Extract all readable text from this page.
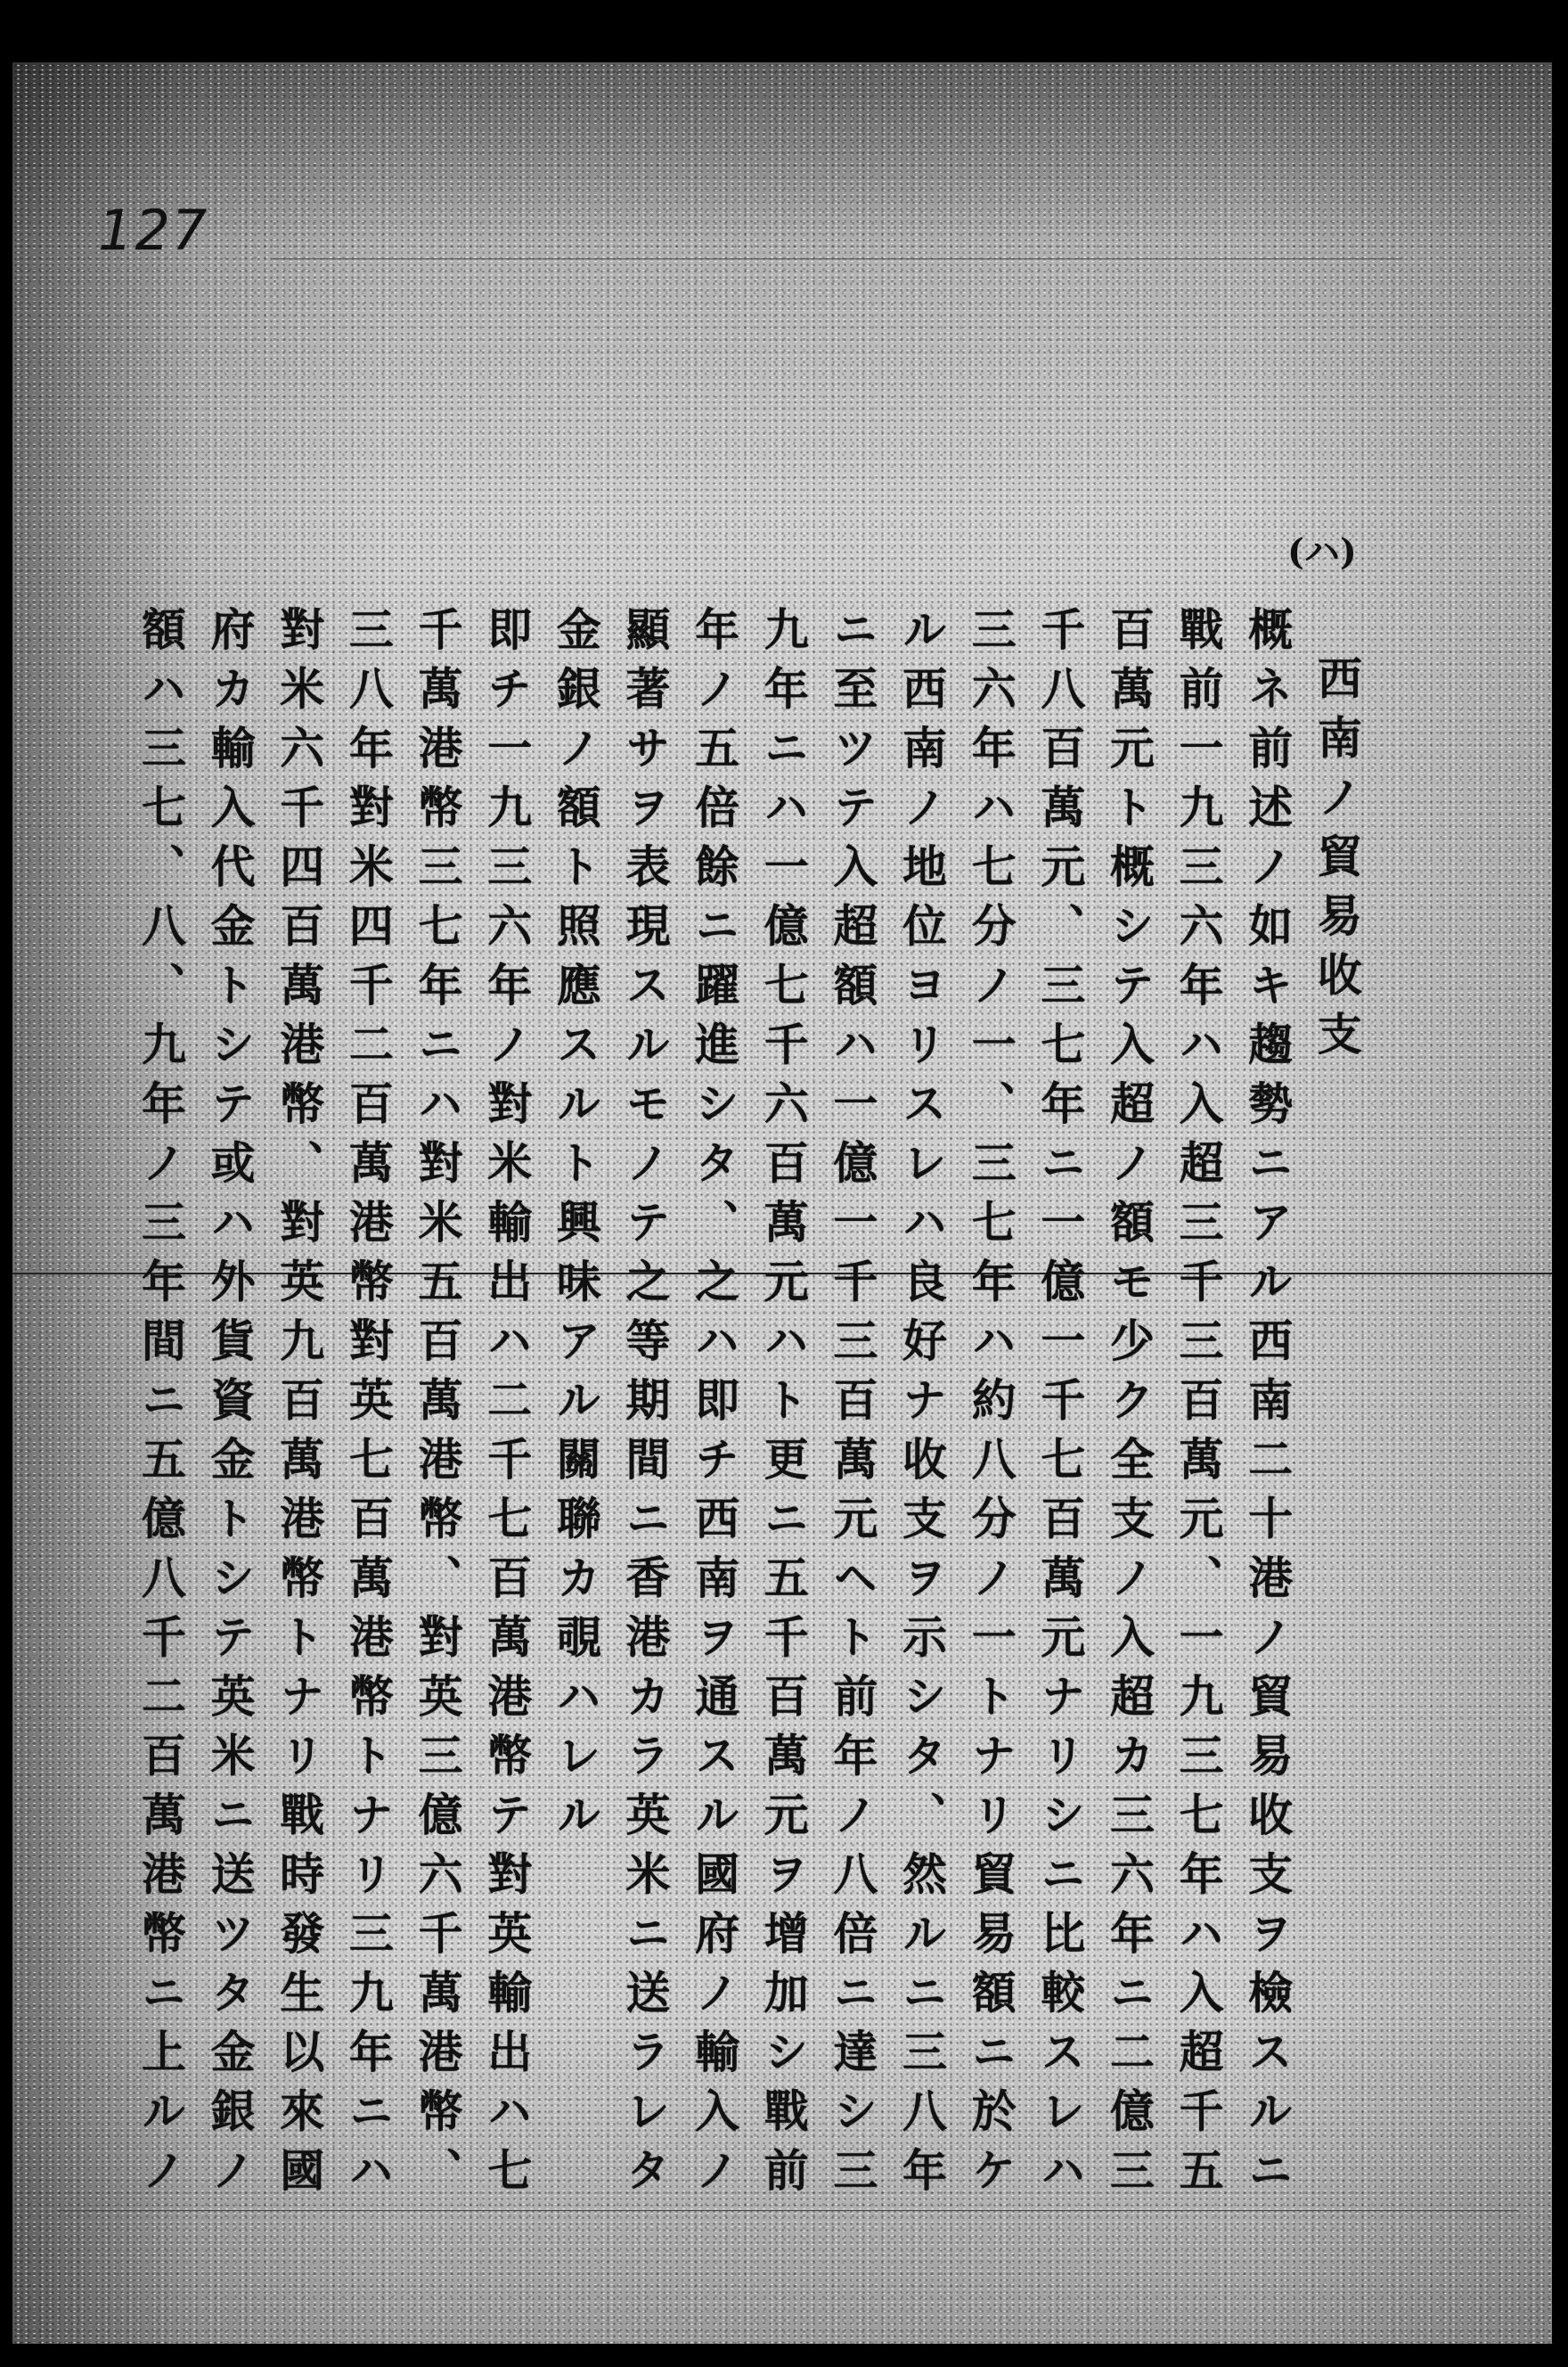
127
(ハ)
西南ノ貿易收支
概ネ前述ノ如キ趨勢ニアル西南二十港ノ貿易收支ヲ檢スルニ
戰前一九三六年ハ入超三千三百萬元、一九三七年ハ入超千五
百萬元ト概シテ入超ノ額モ少ク全支ノ入超カ三六年ニ二億三
千八百萬元、三七年ニ一億一千七百萬元ナリシニ比較スレハ
三六年ハ七分ノ一、三七年ハ約八分ノ一トナリ貿易額ニ於ケ
ル西南ノ地位ヨリスレハ良好ナ收支ヲ示シタ、然ルニ三八年
ニ至ツテ入超額ハ一億一千三百萬元ヘト前年ノ八倍ニ達シ三
九年ニハ一億七千六百萬元ハト更ニ五千百萬元ヲ增加シ戰前
年ノ五倍餘ニ躍進シタ、之ハ即チ西南ヲ通スル國府ノ輸入ノ
顯著サヲ表現スルモノテ之等期間ニ香港カラ英米ニ送ラレタ
金銀ノ額ト照應スルト興味アル關聯カ覗ハレル
即チ一九三六年ノ對米輸出ハ二千七百萬港幣テ對英輸出ハ七
千萬港幣三七年ニハ對米五百萬港幣、對英三億六千萬港幣、
三八年對米四千二百萬港幣對英七百萬港幣トナリ三九年ニハ
對米六千四百萬港幣、對英九百萬港幣トナリ戰時發生以來國
府カ輸入代金トシテ或ハ外貨資金トシテ英米ニ送ツタ金銀ノ
額ハ三七、八、九年ノ三年間ニ五億八千二百萬港幣ニ上ルノ
